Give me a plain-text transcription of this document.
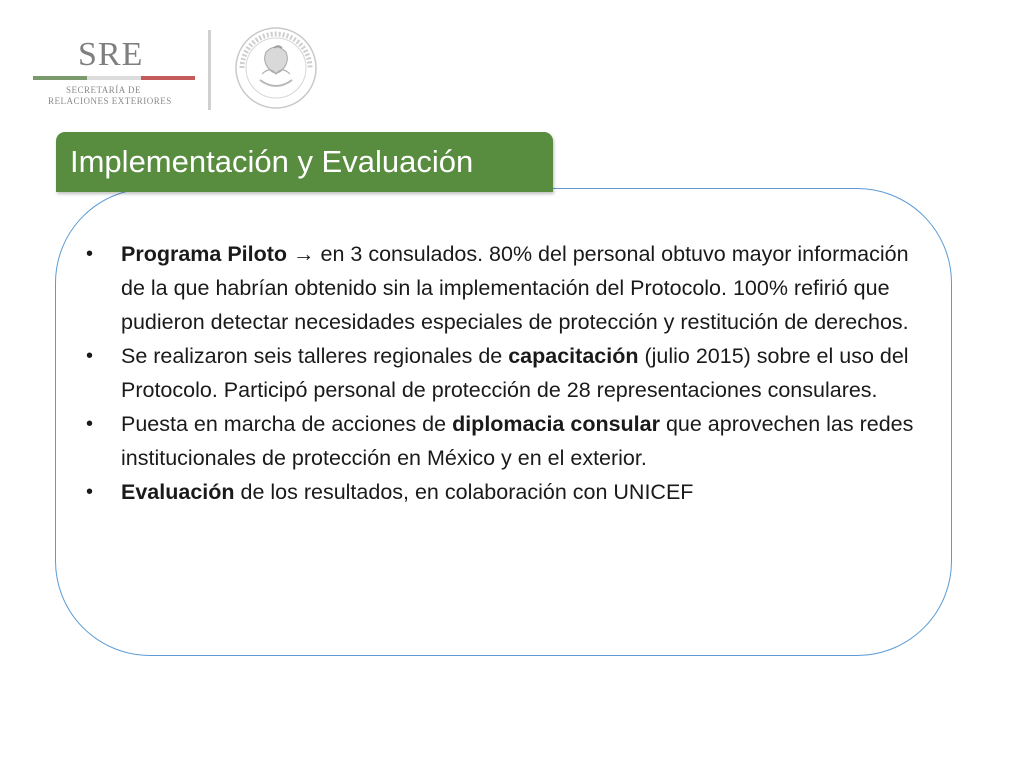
SRE
SECRETARÍA DE
RELACIONES EXTERIORES
•	Programa Piloto → en 3 consulados. 80% del personal obtuvo mayor información de la que habrían obtenido sin la implementación del Protocolo. 100% refirió que pudieron detectar necesidades especiales de protección y restitución de derechos.
•	Se realizaron seis talleres regionales de capacitación (julio 2015) sobre el uso del Protocolo. Participó personal de protección de 28 representaciones consulares.
•	Puesta en marcha de acciones de diplomacia consular que aprovechen las redes institucionales de protección en México y en el exterior.
•	Evaluación de los resultados, en colaboración con UNICEF
Implementación y Evaluación
